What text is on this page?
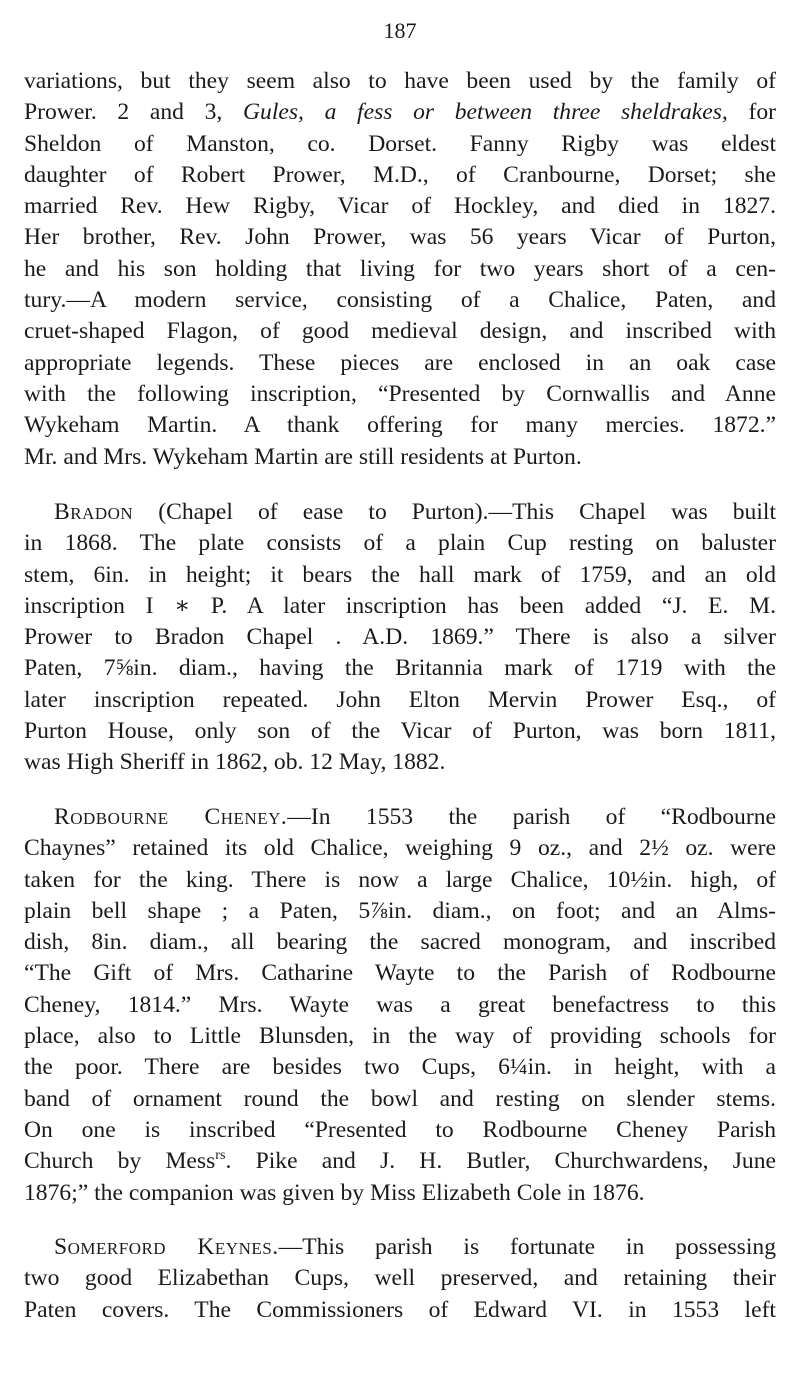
187
variations, but they seem also to have been used by the family of
Prower. 2 and 3, Gules, a fess or between three sheldrakes, for
Sheldon of Manston, co. Dorset. Fanny Rigby was eldest
daughter of Robert Prower, M.D., of Cranbourne, Dorset; she
married Rev. Hew Rigby, Vicar of Hockley, and died in 1827.
Her brother, Rev. John Prower, was 56 years Vicar of Purton,
he and his son holding that living for two years short of a cen-
tury.—A modern service, consisting of a Chalice, Paten, and
cruet-shaped Flagon, of good medieval design, and inscribed with
appropriate legends. These pieces are enclosed in an oak case
with the following inscription, “Presented by Cornwallis and Anne
Wykeham Martin. A thank offering for many mercies. 1872.”
Mr. and Mrs. Wykeham Martin are still residents at Purton.
Bradon (Chapel of ease to Purton).—This Chapel was built
in 1868. The plate consists of a plain Cup resting on baluster
stem, 6in. in height; it bears the hall mark of 1759, and an old
inscription I ∗ P. A later inscription has been added “J. E. M.
Prower to Bradon Chapel . A.D. 1869.” There is also a silver
Paten, 7⅝in. diam., having the Britannia mark of 1719 with the
later inscription repeated. John Elton Mervin Prower Esq., of
Purton House, only son of the Vicar of Purton, was born 1811,
was High Sheriff in 1862, ob. 12 May, 1882.
Rodbourne Cheney.—In 1553 the parish of “Rodbourne
Chaynes” retained its old Chalice, weighing 9 oz., and 2½ oz. were
taken for the king. There is now a large Chalice, 10½in. high, of
plain bell shape ; a Paten, 5⅞in. diam., on foot; and an Alms-
dish, 8in. diam., all bearing the sacred monogram, and inscribed
“The Gift of Mrs. Catharine Wayte to the Parish of Rodbourne
Cheney, 1814.” Mrs. Wayte was a great benefactress to this
place, also to Little Blunsden, in the way of providing schools for
the poor. There are besides two Cups, 6¼in. in height, with a
band of ornament round the bowl and resting on slender stems.
On one is inscribed “Presented to Rodbourne Cheney Parish
Church by Mess$^{rs}$. Pike and J. H. Butler, Churchwardens, June
1876;” the companion was given by Miss Elizabeth Cole in 1876.
Somerford Keynes.—This parish is fortunate in possessing
two good Elizabethan Cups, well preserved, and retaining their
Paten covers. The Commissioners of Edward VI. in 1553 left
